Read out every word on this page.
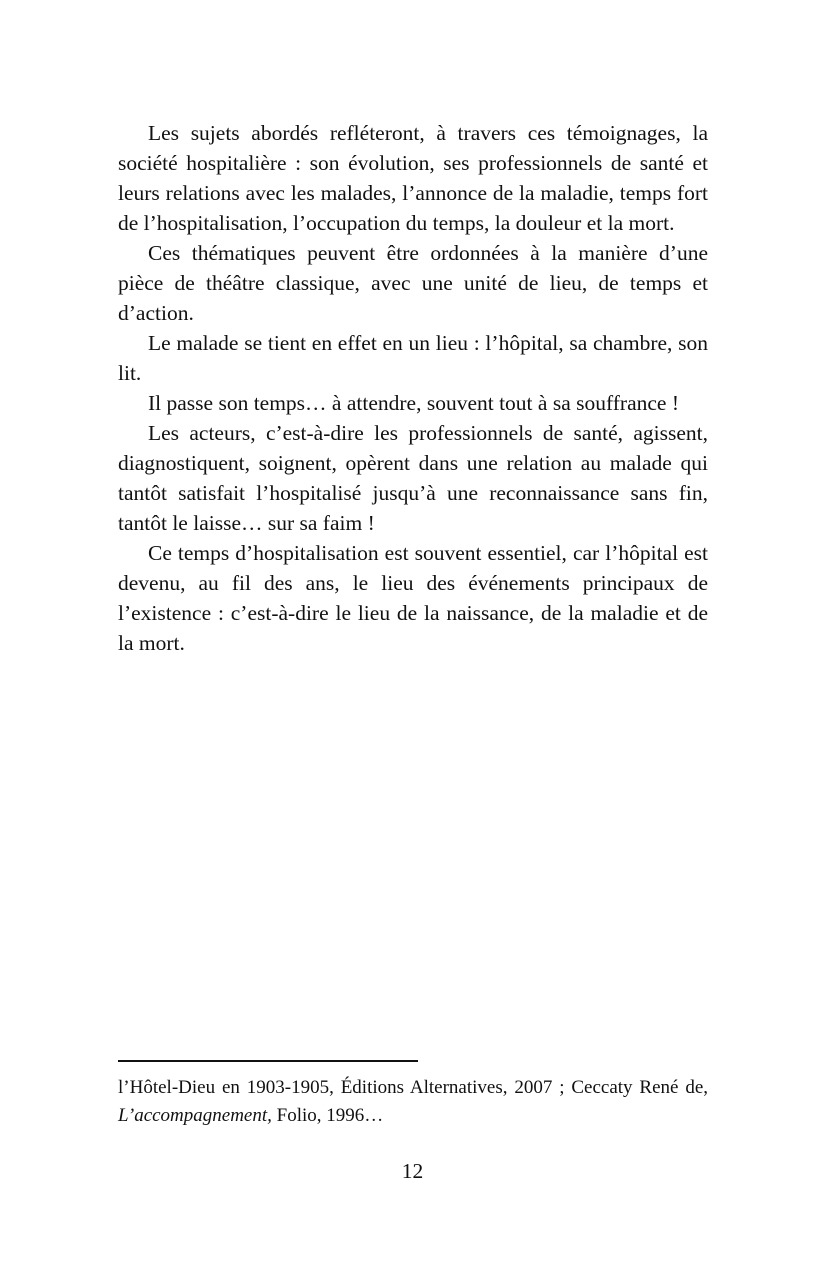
Les sujets abordés refléteront, à travers ces témoignages, la société hospitalière : son évolution, ses professionnels de santé et leurs relations avec les malades, l’annonce de la maladie, temps fort de l’hospitalisation, l’occupation du temps, la douleur et la mort.

Ces thématiques peuvent être ordonnées à la manière d’une pièce de théâtre classique, avec une unité de lieu, de temps et d’action.

Le malade se tient en effet en un lieu : l’hôpital, sa chambre, son lit.

Il passe son temps… à attendre, souvent tout à sa souffrance !

Les acteurs, c’est-à-dire les professionnels de santé, agissent, diagnostiquent, soignent, opèrent dans une relation au malade qui tantôt satisfait l’hospitalisé jusqu’à une reconnaissance sans fin, tantôt le laisse… sur sa faim !

Ce temps d’hospitalisation est souvent essentiel, car l’hôpital est devenu, au fil des ans, le lieu des événements principaux de l’existence : c’est-à-dire le lieu de la naissance, de la maladie et de la mort.

l’Hôtel-Dieu en 1903-1905, Éditions Alternatives, 2007 ; Ceccaty René de, L’accompagnement, Folio, 1996…

12
